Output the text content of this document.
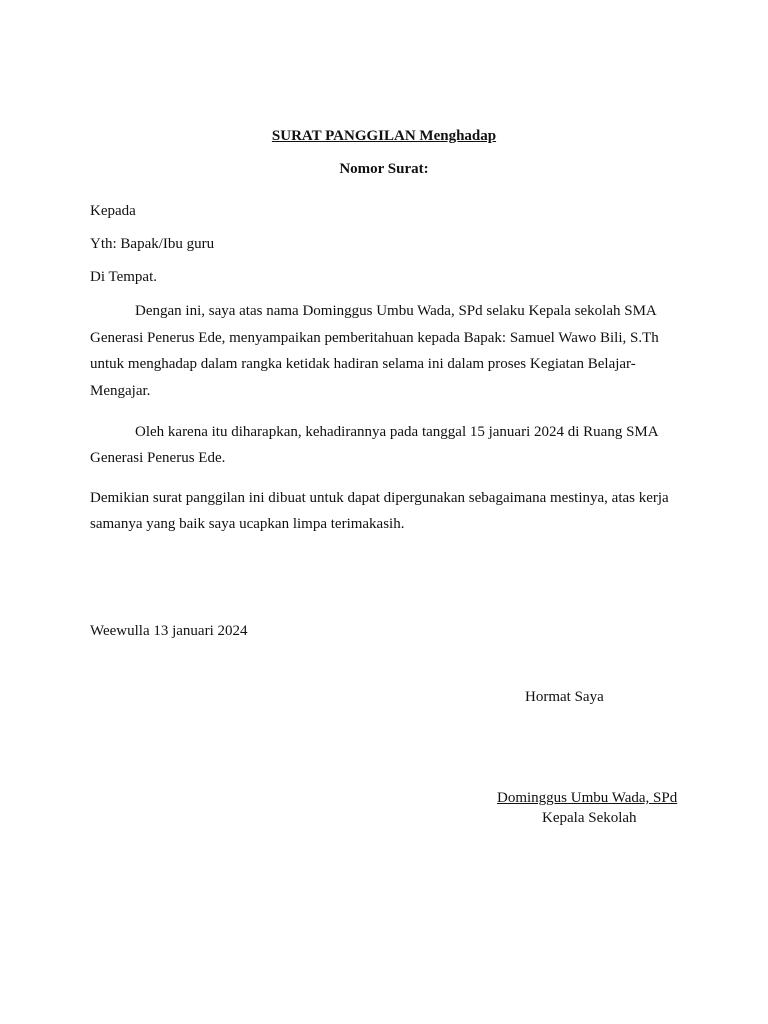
SURAT PANGGILAN Menghadap
Nomor Surat:
Kepada
Yth: Bapak/Ibu guru
Di Tempat.
Dengan ini, saya atas nama Dominggus Umbu Wada, SPd selaku Kepala sekolah SMA
Generasi Penerus Ede, menyampaikan pemberitahuan kepada Bapak: Samuel Wawo Bili, S.Th
untuk menghadap dalam rangka ketidak hadiran selama ini dalam proses Kegiatan Belajar-
Mengajar.
Oleh karena itu diharapkan, kehadirannya pada tanggal 15 januari 2024 di Ruang SMA
Generasi Penerus Ede.
Demikian surat panggilan ini dibuat untuk dapat dipergunakan sebagaimana mestinya, atas kerja
samanya yang baik saya ucapkan limpa terimakasih.
Weewulla 13 januari 2024
Hormat Saya
Dominggus Umbu Wada, SPd
Kepala Sekolah
